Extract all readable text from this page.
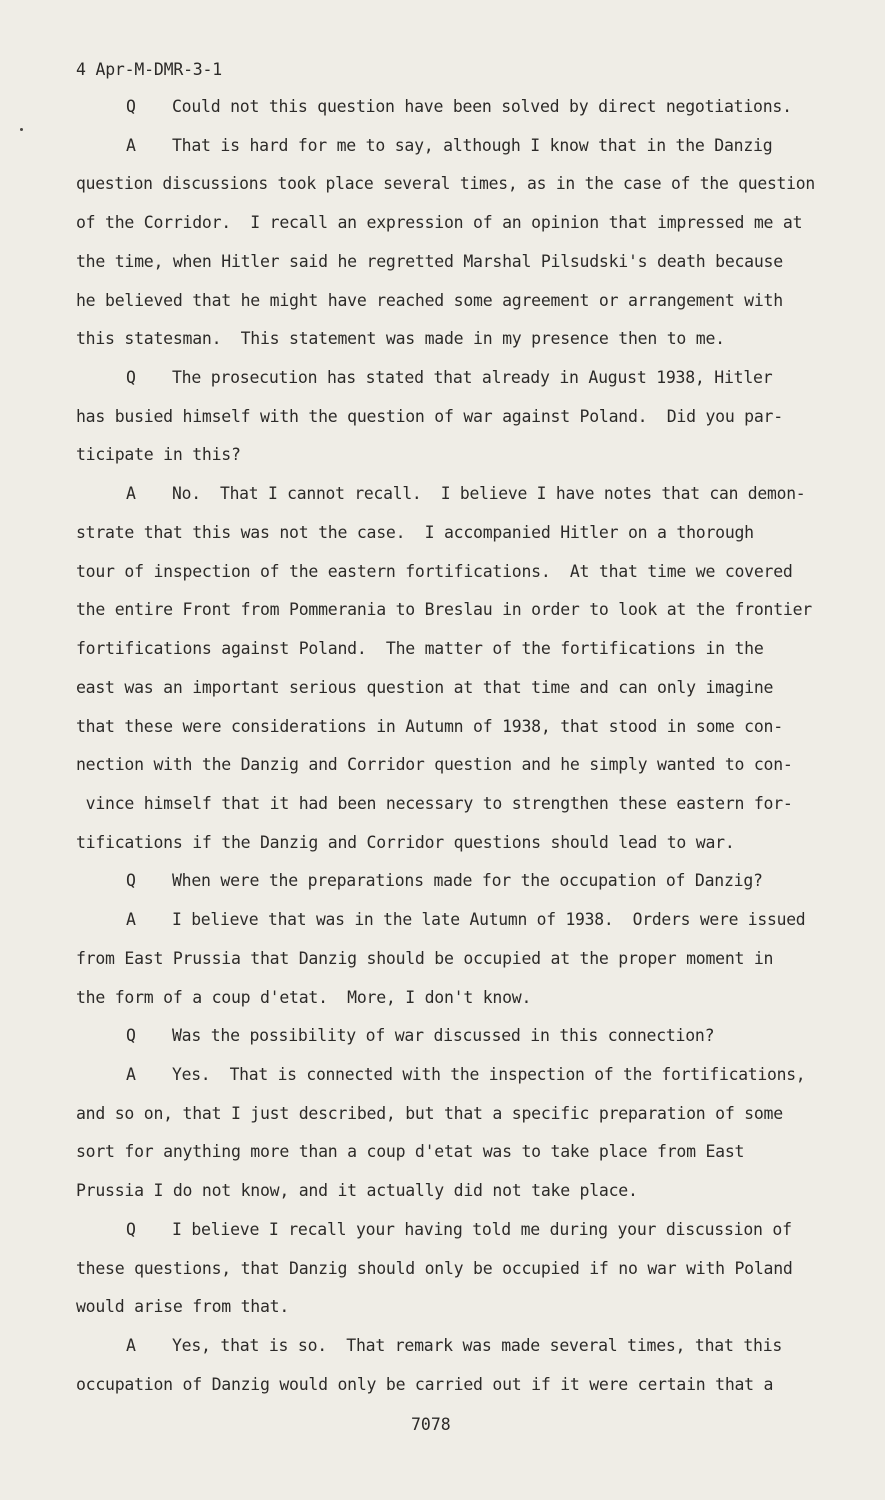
4 Apr-M-DMR-3-1
Q Could not this question have been solved by direct negotiations.
A That is hard for me to say, although I know that in the Danzig
question discussions took place several times, as in the case of the question
of the Corridor.  I recall an expression of an opinion that impressed me at
the time, when Hitler said he regretted Marshal Pilsudski's death because
he believed that he might have reached some agreement or arrangement with
this statesman.  This statement was made in my presence then to me.
Q The prosecution has stated that already in August 1938, Hitler
has busied himself with the question of war against Poland.  Did you par-
ticipate in this?
A No.  That I cannot recall.  I believe I have notes that can demon-
strate that this was not the case.  I accompanied Hitler on a thorough
tour of inspection of the eastern fortifications.  At that time we covered
the entire Front from Pommerania to Breslau in order to look at the frontier
fortifications against Poland.  The matter of the fortifications in the
east was an important serious question at that time and can only imagine
that these were considerations in Autumn of 1938, that stood in some con-
nection with the Danzig and Corridor question and he simply wanted to con-
vince himself that it had been necessary to strengthen these eastern for-
tifications if the Danzig and Corridor questions should lead to war.
Q When were the preparations made for the occupation of Danzig?
A I believe that was in the late Autumn of 1938.  Orders were issued
from East Prussia that Danzig should be occupied at the proper moment in
the form of a coup d'etat.  More, I don't know.
Q Was the possibility of war discussed in this connection?
A Yes.  That is connected with the inspection of the fortifications,
and so on, that I just described, but that a specific preparation of some
sort for anything more than a coup d'etat was to take place from East
Prussia I do not know, and it actually did not take place.
Q I believe I recall your having told me during your discussion of
these questions, that Danzig should only be occupied if no war with Poland
would arise from that.
A Yes, that is so.  That remark was made several times, that this
occupation of Danzig would only be carried out if it were certain that a
7078
